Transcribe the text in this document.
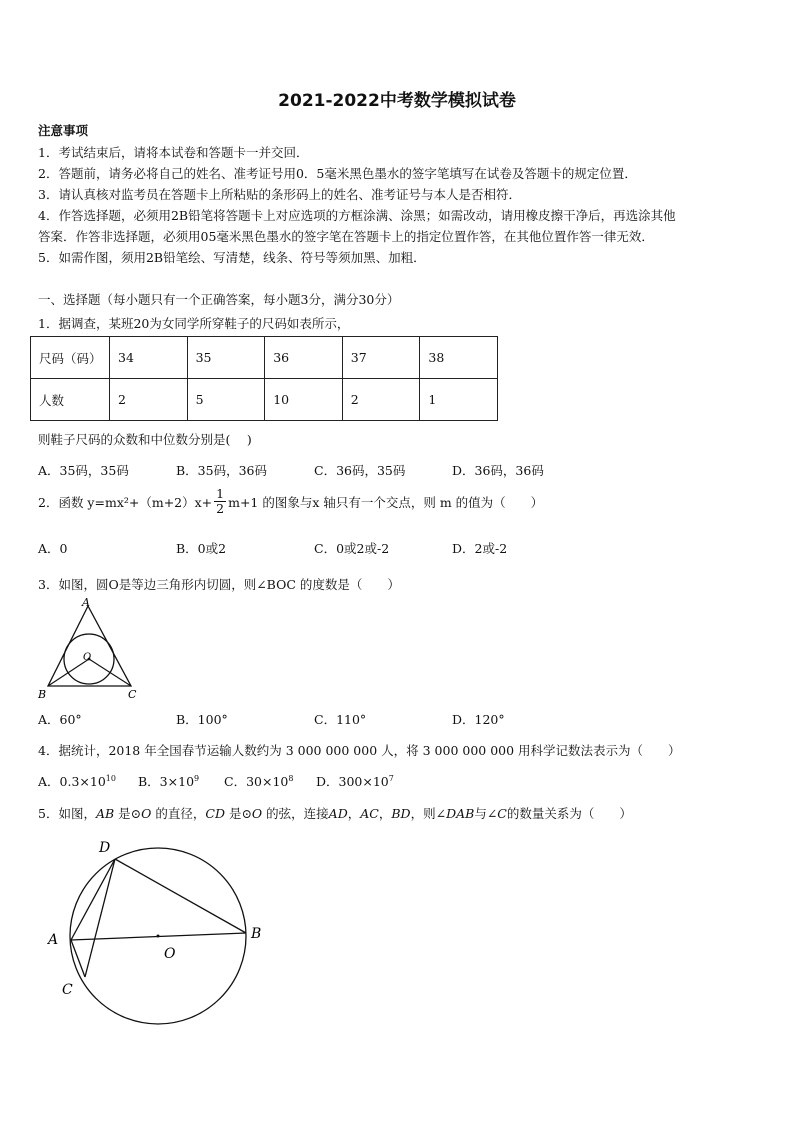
2021-2022中考数学模拟试卷
注意事项
1．考试结束后，请将本试卷和答题卡一并交回．
2．答题前，请务必将自己的姓名、准考证号用0．5毫米黑色墨水的签字笔填写在试卷及答题卡的规定位置．
3．请认真核对监考员在答题卡上所粘贴的条形码上的姓名、准考证号与本人是否相符．
4．作答选择题，必须用2B铅笔将答题卡上对应选项的方框涂满、涂黑；如需改动，请用橡皮擦干净后，再选涂其他
答案．作答非选择题，必须用05毫米黑色墨水的签字笔在答题卡上的指定位置作答，在其他位置作答一律无效．
5．如需作图，须用2B铅笔绘、写清楚，线条、符号等须加黑、加粗．
一、选择题（每小题只有一个正确答案，每小题3分，满分30分）
1．据调查，某班20为女同学所穿鞋子的尺码如表所示，
尺码（码）	34	35	36	37	38
人数	2	5	10	2	1
则鞋子尺码的众数和中位数分别是(　 )
A．35码，35码	B．35码，36码	C．36码，35码	D．36码，36码
2．函数 $y=mx^2+(m+2)x+ \frac{1}{2} m+1$ 的图象与x 轴只有一个交点，则 m 的值为（　　）
A．0	B．0或2	C．0或2或-2	D．2或-2
3．如图，圆O是等边三角形内切圆，则∠BOC 的度数是（　　）
A
B	C
O
A．60°	B．100°	C．110°	D．120°
4．据统计，2018 年全国春节运输人数约为 3 000 000 000 人，将 3 000 000 000 用科学记数法表示为（　　）
A．$0.3\times 10^{10}$ B．$3\times 10^9$ C．$30\times 10^8$ D．$300\times 10^7$
5．如图，AB 是⊙O 的直径，CD 是⊙O 的弦，连接AD，AC，BD，则∠DAB与∠C的数量关系为（　　）
D
A	B
C
O
